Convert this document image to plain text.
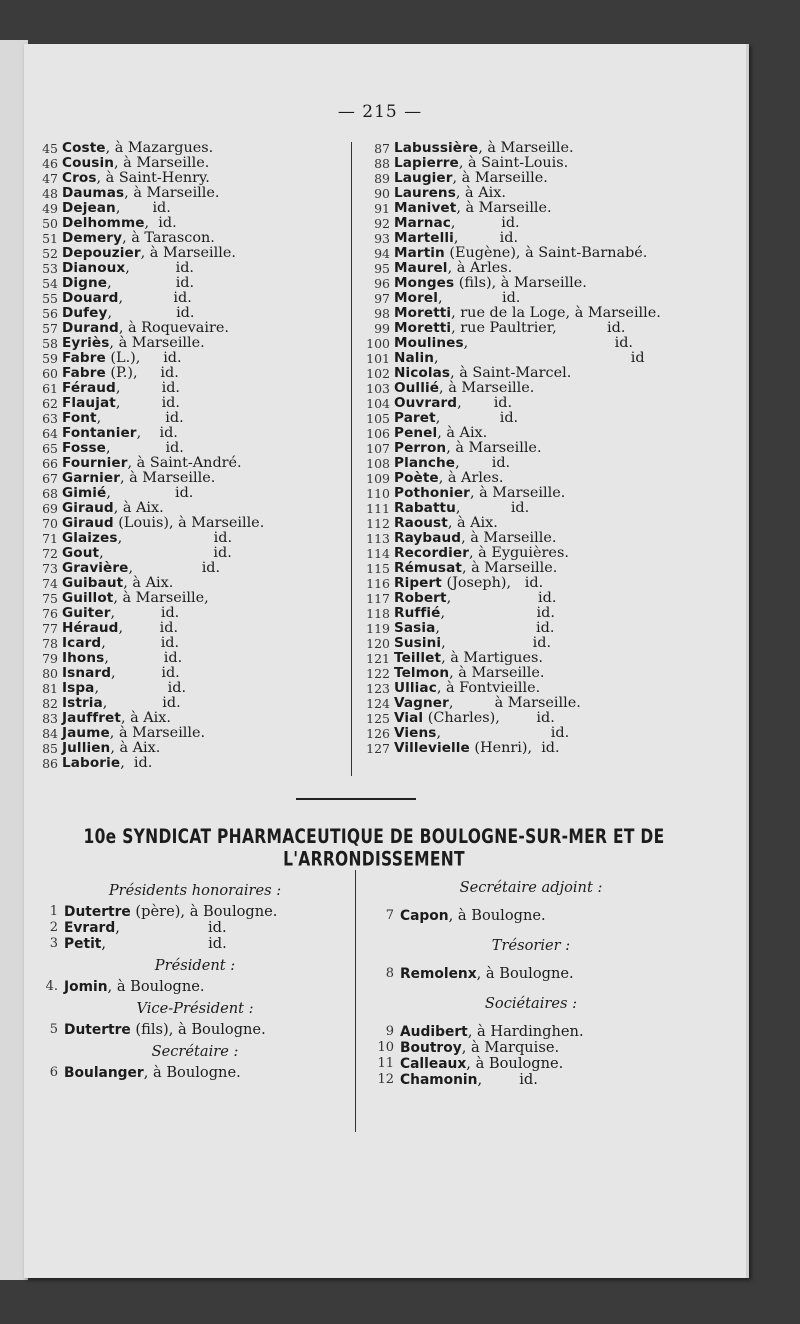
— 215 —
45 Coste , à Mazargues.
46 Cousin , à Marseille.
47 Cros , à Saint-Henry.
48 Daumas , à Marseille.
49 Dejean ,       id.
50 Delhomme ,  id.
51 Demery , à Tarascon.
52 Depouzier , à Marseille.
53 Dianoux ,          id.
54 Digne ,              id.
55 Douard ,           id.
56 Dufey ,              id.
57 Durand , à Roquevaire.
58 Eyriès , à Marseille.
59 Fabre (L.),     id.
60 Fabre (P.),     id.
61 Féraud ,         id.
62 Flaujat ,         id.
63 Font ,              id.
64 Fontanier ,    id.
65 Fosse ,            id.
66 Fournier , à Saint-André.
67 Garnier , à Marseille.
68 Gimié ,              id.
69 Giraud , à Aix.
70 Giraud (Louis), à Marseille.
71 Glaizes ,                    id.
72 Gout ,                        id.
73 Gravière ,               id.
74 Guibaut , à Aix.
75 Guillot , à Marseille,
76 Guiter ,          id.
77 Héraud ,        id.
78 Icard ,            id.
79 Ihons ,            id.
80 Isnard ,          id.
81 Ispa ,               id.
82 Istria ,            id.
83 Jauffret , à Aix.
84 Jaume , à Marseille.
85 Jullien , à Aix.
86 Laborie ,  id.
87 Labussière , à Marseille.
88 Lapierre , à Saint-Louis.
89 Laugier , à Marseille.
90 Laurens , à Aix.
91 Manivet , à Marseille.
92 Marnac ,          id.
93 Martelli ,         id.
94 Martin (Eugène), à Saint-Barnabé.
95 Maurel , à Arles.
96 Monges (fils), à Marseille.
97 Morel ,             id.
98 Moretti , rue de la Loge, à Marseille.
99 Moretti , rue Paultrier,           id.
100 Moulines ,                                id.
101 Nalin ,                                          id
102 Nicolas , à Saint-Marcel.
103 Oullié , à Marseille.
104 Ouvrard ,       id.
105 Paret ,             id.
106 Penel , à Aix.
107 Perron , à Marseille.
108 Planche ,       id.
109 Poète , à Arles.
110 Pothonier , à Marseille.
111 Rabattu ,           id.
112 Raoust , à Aix.
113 Raybaud , à Marseille.
114 Recordier , à Eyguières.
115 Rémusat , à Marseille.
116 Ripert (Joseph),   id.
117 Robert ,                   id.
118 Ruffié ,                    id.
119 Sasia ,                     id.
120 Susini ,                   id.
121 Teillet , à Martigues.
122 Telmon , à Marseille.
123 Ulliac , à Fontvieille.
124 Vagner ,         à Marseille.
125 Vial (Charles),        id.
126 Viens ,                        id.
127 Villevielle (Henri),  id.
10e SYNDICAT PHARMACEUTIQUE DE BOULOGNE-SUR-MER ET DE L'ARRONDISSEMENT

Présidents honoraires :

1 Dutertre (père), à Boulogne.
2 Evrard ,                   id.
3 Petit ,                      id.

Président :

4. Jomin , à Boulogne.

Vice-Président :

5 Dutertre (fils), à Boulogne.

Secrétaire :

6 Boulanger , à Boulogne.

Secrétaire adjoint :

7 Capon , à Boulogne.

Trésorier :

8 Remolenx , à Boulogne.

Sociétaires :

9 Audibert , à Hardinghen.
10 Boutroy , à Marquise.
11 Calleaux , à Boulogne.
12 Chamonin ,        id.
